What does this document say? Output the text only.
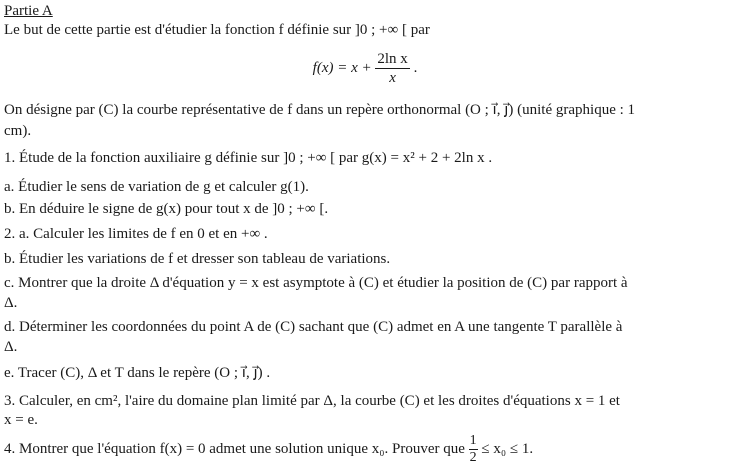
Partie A
Le but de cette partie est d'étudier la fonction f définie sur ]0 ; +∞ [ par
$f(x) = x + \frac{\text{2ln x}}{x}$ .
On désigne par (C) la courbe représentative de f dans un repère orthonormal (O ; i⃗, j⃗) (unité graphique : 1
cm).
1. Étude de la fonction auxiliaire g définie sur ]0 ; +∞ [ par g(x) = x² + 2 + 2ln x .
a. Étudier le sens de variation de g et calculer g(1).
b. En déduire le signe de g(x) pour tout x de ]0 ; +∞ [.
2. a. Calculer les limites de f en 0 et en +∞ .
b. Étudier les variations de f et dresser son tableau de variations.
c. Montrer que la droite Δ d'équation y = x est asymptote à (C) et étudier la position de (C) par rapport à
Δ.
d. Déterminer les coordonnées du point A de (C) sachant que (C) admet en A une tangente T parallèle à
Δ.
e. Tracer (C), Δ et T dans le repère (O ; i⃗, j⃗) .
3. Calculer, en cm², l'aire du domaine plan limité par Δ, la courbe (C) et les droites d'équations x = 1 et
x = e.
4. Montrer que l'équation f(x) = 0 admet une solution unique x₀. Prouver que $\frac{1}{2} \le x_0 \le 1$.
